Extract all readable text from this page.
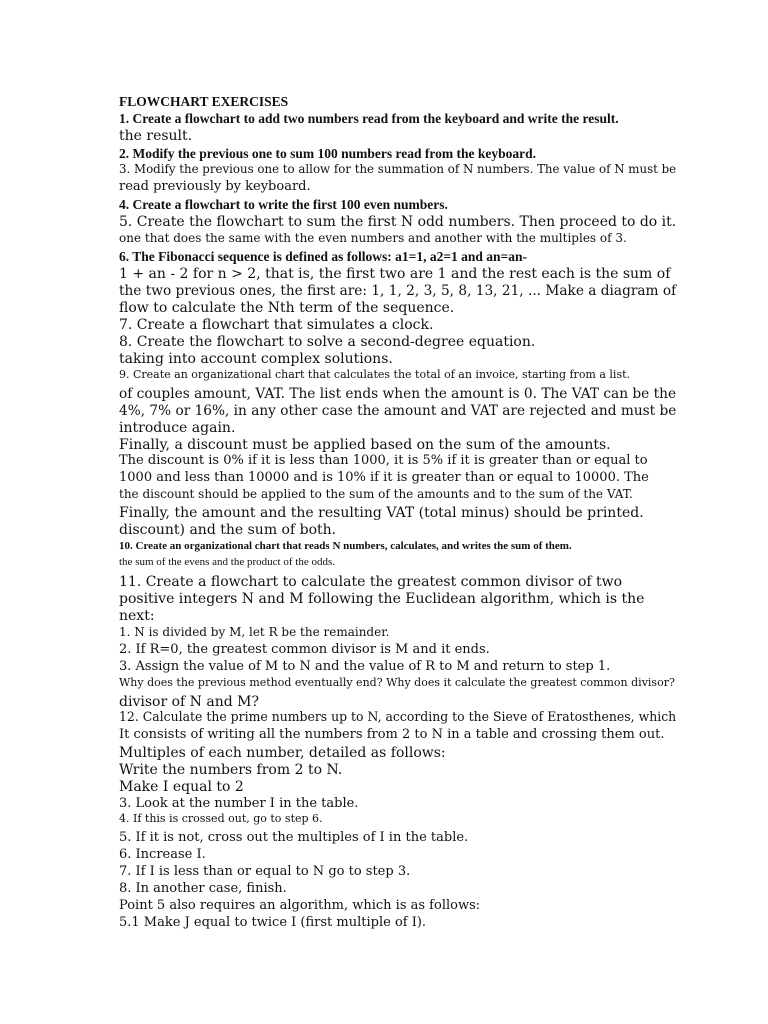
FLOWCHART EXERCISES
1. Create a flowchart to add two numbers read from the keyboard and write the result.
the result.
2. Modify the previous one to sum 100 numbers read from the keyboard.
3. Modify the previous one to allow for the summation of N numbers. The value of N must be
read previously by keyboard.
4. Create a flowchart to write the first 100 even numbers.
5. Create the flowchart to sum the first N odd numbers. Then proceed to do it.
one that does the same with the even numbers and another with the multiples of 3.
6. The Fibonacci sequence is defined as follows: a1=1, a2=1 and an=an-
1 + an - 2 for n > 2, that is, the first two are 1 and the rest each is the sum of
the two previous ones, the first are: 1, 1, 2, 3, 5, 8, 13, 21, ... Make a diagram of
flow to calculate the Nth term of the sequence.
7. Create a flowchart that simulates a clock.
8. Create the flowchart to solve a second-degree equation.
taking into account complex solutions.
9. Create an organizational chart that calculates the total of an invoice, starting from a list.
of couples amount, VAT. The list ends when the amount is 0. The VAT can be the
4%, 7% or 16%, in any other case the amount and VAT are rejected and must be
introduce again.
Finally, a discount must be applied based on the sum of the amounts.
The discount is 0% if it is less than 1000, it is 5% if it is greater than or equal to
1000 and less than 10000 and is 10% if it is greater than or equal to 10000. The
the discount should be applied to the sum of the amounts and to the sum of the VAT.
Finally, the amount and the resulting VAT (total minus) should be printed.
discount) and the sum of both.
10. Create an organizational chart that reads N numbers, calculates, and writes the sum of them.
the sum of the evens and the product of the odds.
11. Create a flowchart to calculate the greatest common divisor of two
positive integers N and M following the Euclidean algorithm, which is the
next:
1. N is divided by M, let R be the remainder.
2. If R=0, the greatest common divisor is M and it ends.
3. Assign the value of M to N and the value of R to M and return to step 1.
Why does the previous method eventually end? Why does it calculate the greatest common divisor?
divisor of N and M?
12. Calculate the prime numbers up to N, according to the Sieve of Eratosthenes, which
It consists of writing all the numbers from 2 to N in a table and crossing them out.
Multiples of each number, detailed as follows:
Write the numbers from 2 to N.
Make I equal to 2
3. Look at the number I in the table.
4. If this is crossed out, go to step 6.
5. If it is not, cross out the multiples of I in the table.
6. Increase I.
7. If I is less than or equal to N go to step 3.
8. In another case, finish.
Point 5 also requires an algorithm, which is as follows:
5.1 Make J equal to twice I (first multiple of I).
